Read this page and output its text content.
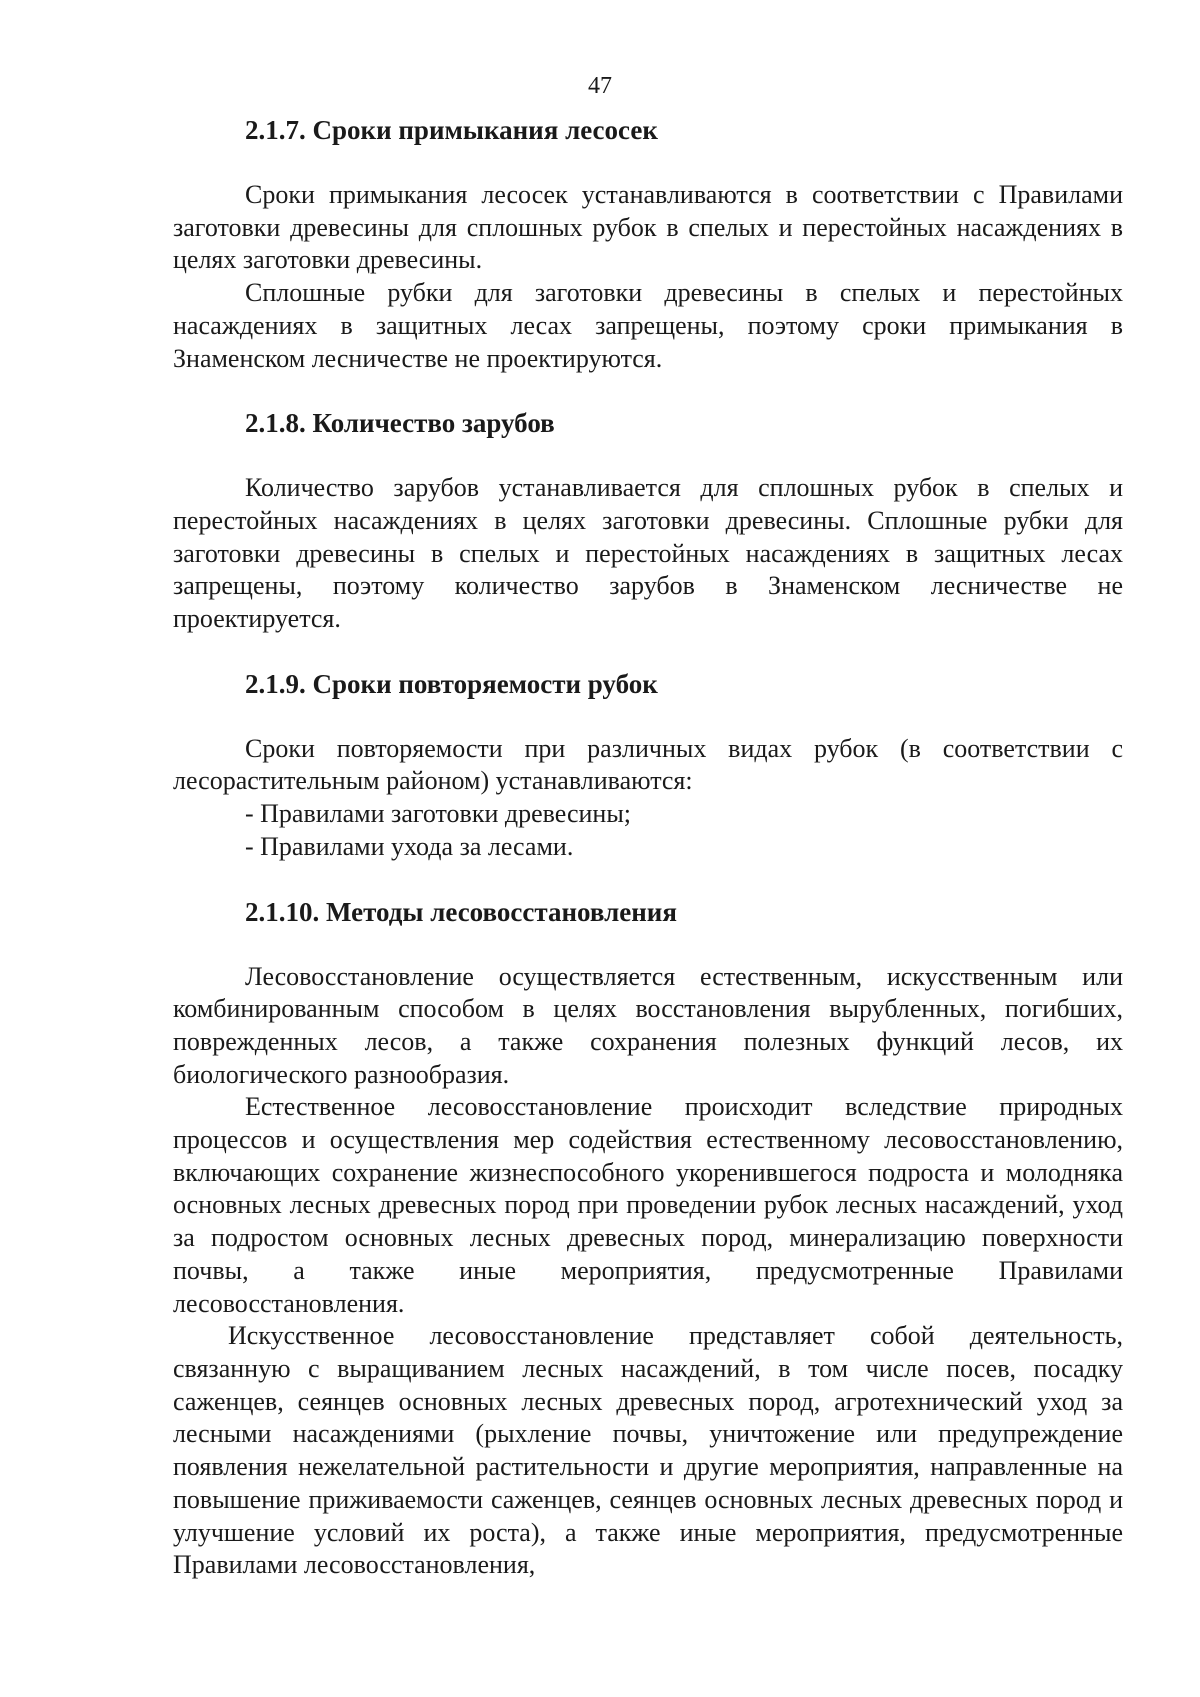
47
2.1.7. Сроки примыкания лесосек

Сроки примыкания лесосек устанавливаются в соответствии с Правилами заготовки древесины для сплошных рубок в спелых и перестойных насаждениях в целях заготовки древесины.

Сплошные рубки для заготовки древесины в спелых и перестойных насаждениях в защитных лесах запрещены, поэтому сроки примыкания в Знаменском лесничестве не проектируются.

2.1.8. Количество зарубов

Количество зарубов устанавливается для сплошных рубок в спелых и перестойных насаждениях в целях заготовки древесины. Сплошные рубки для заготовки древесины в спелых и перестойных насаждениях в защитных лесах запрещены, поэтому количество зарубов в Знаменском лесничестве не проектируется.

2.1.9. Сроки повторяемости рубок

Сроки повторяемости при различных видах рубок (в соответствии с лесорастительным районом) устанавливаются:

- Правилами заготовки древесины;

- Правилами ухода за лесами.

2.1.10. Методы лесовосстановления

Лесовосстановление осуществляется естественным, искусственным или комбинированным способом в целях восстановления вырубленных, погибших, поврежденных лесов, а также сохранения полезных функций лесов, их биологического разнообразия.

Естественное лесовосстановление происходит вследствие природных процессов и осуществления мер содействия естественному лесовосстановлению, включающих сохранение жизнеспособного укоренившегося подроста и молодняка основных лесных древесных пород при проведении рубок лесных насаждений, уход за подростом основных лесных древесных пород, минерализацию поверхности почвы, а также иные мероприятия, предусмотренные Правилами лесовосстановления.

Искусственное лесовосстановление представляет собой деятельность, связанную с выращиванием лесных насаждений, в том числе посев, посадку саженцев, сеянцев основных лесных древесных пород, агротехнический уход за лесными насаждениями (рыхление почвы, уничтожение или предупреждение появления нежелательной растительности и другие мероприятия, направленные на повышение приживаемости саженцев, сеянцев основных лесных древесных пород и улучшение условий их роста), а также иные мероприятия, предусмотренные Правилами лесовосстановления,
